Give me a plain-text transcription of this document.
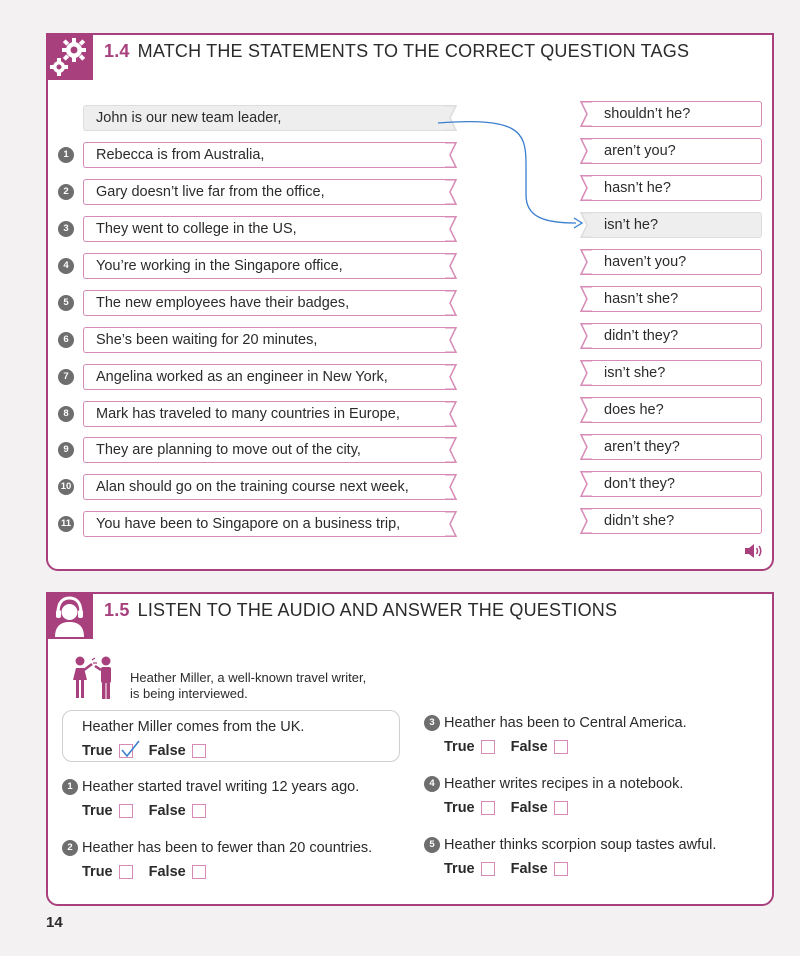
1.4 MATCH THE STATEMENTS TO THE CORRECT QUESTION TAGS
John is our new team leader,
1	Rebecca is from Australia,
2	Gary doesn’t live far from the office,
3	They went to college in the US,
4	You’re working in the Singapore office,
5	The new employees have their badges,
6	She’s been waiting for 20 minutes,
7	Angelina worked as an engineer in New York,
8	Mark has traveled to many countries in Europe,
9	They are planning to move out of the city,
10	Alan should go on the training course next week,
11	You have been to Singapore on a business trip,
shouldn’t he?
aren’t you?
hasn’t he?
isn’t he?
haven’t you?
hasn’t she?
didn’t they?
isn’t she?
does he?
aren’t they?
don’t they?
didn’t she?
1.5 LISTEN TO THE AUDIO AND ANSWER THE QUESTIONS
Heather Miller, a well-known travel writer, is being interviewed.
Heather Miller comes from the UK.
True False
1 Heather started travel writing 12 years ago.
True False
2 Heather has been to fewer than 20 countries.
True False
3 Heather has been to Central America.
True False
4 Heather writes recipes in a notebook.
True False
5 Heather thinks scorpion soup tastes awful.
True False
14
